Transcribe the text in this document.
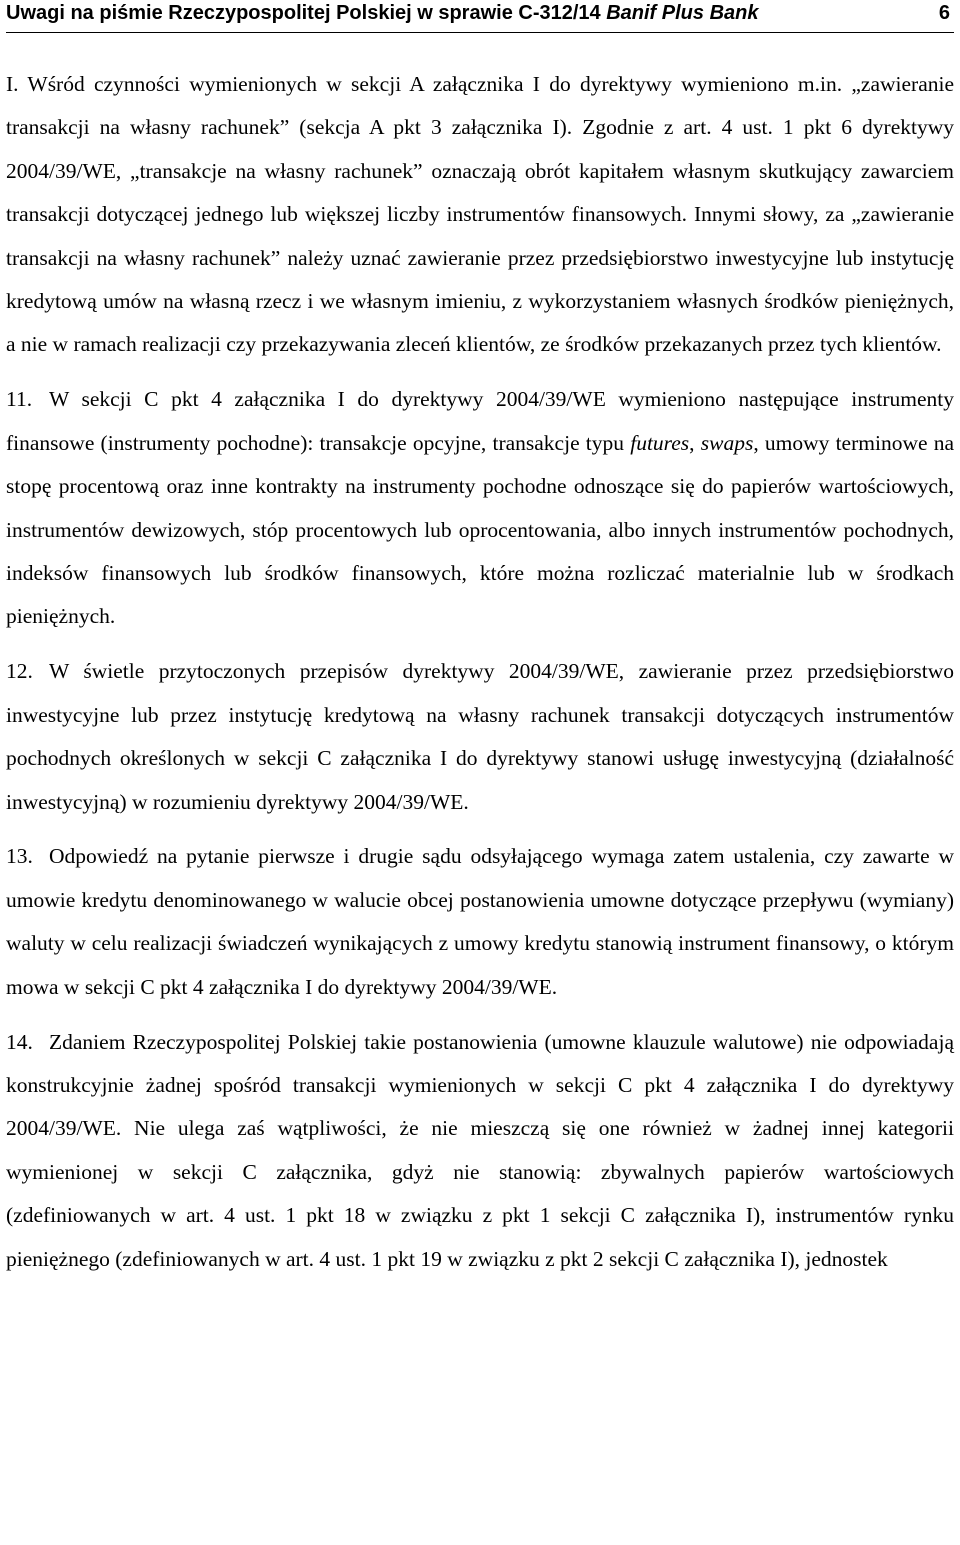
Uwagi na piśmie Rzeczypospolitej Polskiej w sprawie C-312/14 Banif Plus Bank	6

I. Wśród czynności wymienionych w sekcji A załącznika I do dyrektywy wymieniono m.in. „zawieranie transakcji na własny rachunek” (sekcja A pkt 3 załącznika I). Zgodnie z art. 4 ust. 1 pkt 6 dyrektywy 2004/39/WE, „transakcje na własny rachunek” oznaczają obrót kapitałem własnym skutkujący zawarciem transakcji dotyczącej jednego lub większej liczby instrumentów finansowych. Innymi słowy, za „zawieranie transakcji na własny rachunek” należy uznać zawieranie przez przedsiębiorstwo inwestycyjne lub instytucję kredytową umów na własną rzecz i we własnym imieniu, z wykorzystaniem własnych środków pieniężnych, a nie w ramach realizacji czy przekazywania zleceń klientów, ze środków przekazanych przez tych klientów.

11. W sekcji C pkt 4 załącznika I do dyrektywy 2004/39/WE wymieniono następujące instrumenty finansowe (instrumenty pochodne): transakcje opcyjne, transakcje typu futures, swaps, umowy terminowe na stopę procentową oraz inne kontrakty na instrumenty pochodne odnoszące się do papierów wartościowych, instrumentów dewizowych, stóp procentowych lub oprocentowania, albo innych instrumentów pochodnych, indeksów finansowych lub środków finansowych, które można rozliczać materialnie lub w środkach pieniężnych.

12. W świetle przytoczonych przepisów dyrektywy 2004/39/WE, zawieranie przez przedsiębiorstwo inwestycyjne lub przez instytucję kredytową na własny rachunek transakcji dotyczących instrumentów pochodnych określonych w sekcji C załącznika I do dyrektywy stanowi usługę inwestycyjną (działalność inwestycyjną) w rozumieniu dyrektywy 2004/39/WE.

13. Odpowiedź na pytanie pierwsze i drugie sądu odsyłającego wymaga zatem ustalenia, czy zawarte w umowie kredytu denominowanego w walucie obcej postanowienia umowne dotyczące przepływu (wymiany) waluty w celu realizacji świadczeń wynikających z umowy kredytu stanowią instrument finansowy, o którym mowa w sekcji C pkt 4 załącznika I do dyrektywy 2004/39/WE.

14. Zdaniem Rzeczypospolitej Polskiej takie postanowienia (umowne klauzule walutowe) nie odpowiadają konstrukcyjnie żadnej spośród transakcji wymienionych w sekcji C pkt 4 załącznika I do dyrektywy 2004/39/WE. Nie ulega zaś wątpliwości, że nie mieszczą się one również w żadnej innej kategorii wymienionej w sekcji C załącznika, gdyż nie stanowią: zbywalnych papierów wartościowych (zdefiniowanych w art. 4 ust. 1 pkt 18 w związku z pkt 1 sekcji C załącznika I), instrumentów rynku pieniężnego (zdefiniowanych w art. 4 ust. 1 pkt 19 w związku z pkt 2 sekcji C załącznika I), jednostek
